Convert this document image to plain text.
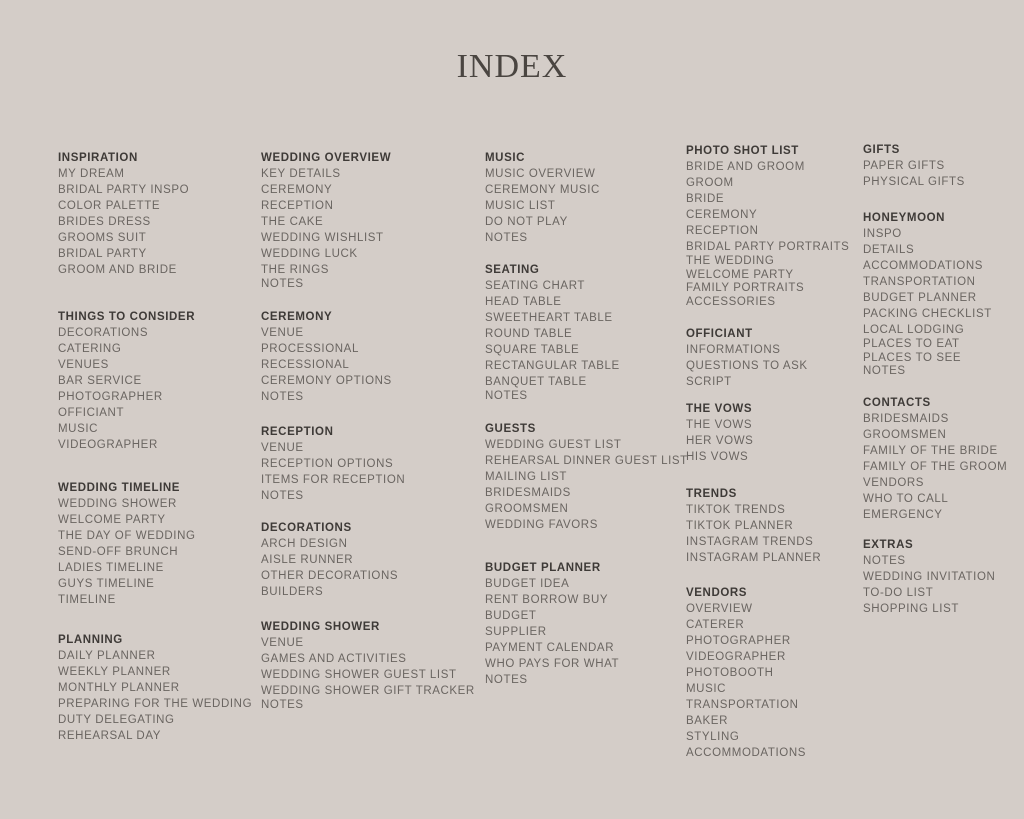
INDEX
INSPIRATION
MY DREAM
BRIDAL PARTY INSPO
COLOR PALETTE
BRIDES DRESS
GROOMS SUIT
BRIDAL PARTY
GROOM AND BRIDE
THINGS TO CONSIDER
DECORATIONS
CATERING
VENUES
BAR SERVICE
PHOTOGRAPHER
OFFICIANT
MUSIC
VIDEOGRAPHER
WEDDING TIMELINE
WEDDING SHOWER
WELCOME PARTY
THE DAY OF WEDDING
SEND-OFF BRUNCH
LADIES TIMELINE
GUYS TIMELINE
TIMELINE
PLANNING
DAILY PLANNER
WEEKLY PLANNER
MONTHLY PLANNER
PREPARING FOR THE WEDDING
DUTY DELEGATING
REHEARSAL DAY
WEDDING OVERVIEW
KEY DETAILS
CEREMONY
RECEPTION
THE CAKE
WEDDING WISHLIST
WEDDING LUCK
THE RINGS
NOTES
CEREMONY
VENUE
PROCESSIONAL
RECESSIONAL
CEREMONY OPTIONS
NOTES
RECEPTION
VENUE
RECEPTION OPTIONS
ITEMS FOR RECEPTION
NOTES
DECORATIONS
ARCH DESIGN
AISLE RUNNER
OTHER DECORATIONS
BUILDERS
WEDDING SHOWER
VENUE
GAMES AND ACTIVITIES
WEDDING SHOWER GUEST LIST
WEDDING SHOWER GIFT TRACKER
NOTES
MUSIC
MUSIC OVERVIEW
CEREMONY MUSIC
MUSIC LIST
DO NOT PLAY
NOTES
SEATING
SEATING CHART
HEAD TABLE
SWEETHEART TABLE
ROUND TABLE
SQUARE TABLE
RECTANGULAR TABLE
BANQUET TABLE
NOTES
GUESTS
WEDDING GUEST LIST
REHEARSAL DINNER GUEST LIST
MAILING LIST
BRIDESMAIDS
GROOMSMEN
WEDDING FAVORS
BUDGET PLANNER
BUDGET IDEA
RENT BORROW BUY
BUDGET
SUPPLIER
PAYMENT CALENDAR
WHO PAYS FOR WHAT
NOTES
PHOTO SHOT LIST
BRIDE AND GROOM
GROOM
BRIDE
CEREMONY
RECEPTION
BRIDAL PARTY PORTRAITS
THE WEDDING
WELCOME PARTY
FAMILY PORTRAITS
ACCESSORIES
OFFICIANT
INFORMATIONS
QUESTIONS TO ASK
SCRIPT
THE VOWS
THE VOWS
HER VOWS
HIS VOWS
TRENDS
TIKTOK TRENDS
TIKTOK PLANNER
INSTAGRAM TRENDS
INSTAGRAM PLANNER
VENDORS
OVERVIEW
CATERER
PHOTOGRAPHER
VIDEOGRAPHER
PHOTOBOOTH
MUSIC
TRANSPORTATION
BAKER
STYLING
ACCOMMODATIONS
GIFTS
PAPER GIFTS
PHYSICAL GIFTS
HONEYMOON
INSPO
DETAILS
ACCOMMODATIONS
TRANSPORTATION
BUDGET PLANNER
PACKING CHECKLIST
LOCAL LODGING
PLACES TO EAT
PLACES TO SEE
NOTES
CONTACTS
BRIDESMAIDS
GROOMSMEN
FAMILY OF THE BRIDE
FAMILY OF THE GROOM
VENDORS
WHO TO CALL
EMERGENCY
EXTRAS
NOTES
WEDDING INVITATION
TO-DO LIST
SHOPPING LIST
